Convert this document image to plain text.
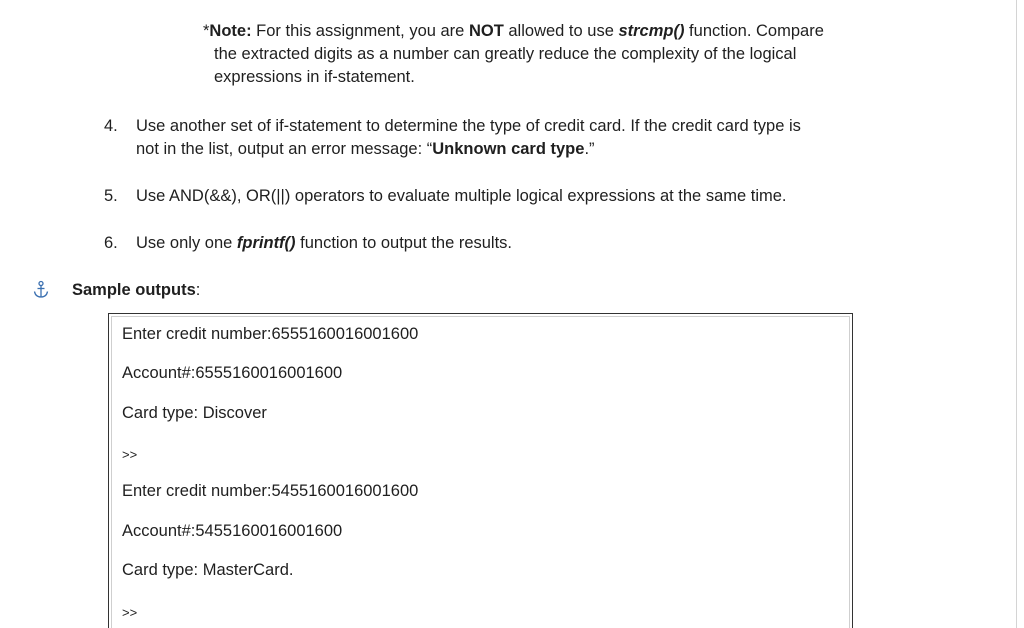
*Note: For this assignment, you are NOT allowed to use strcmp() function. Compare
the extracted digits as a number can greatly reduce the complexity of the logical
expressions in if-statement.
4.	Use another set of if-statement to determine the type of credit card. If the credit card type is
not in the list, output an error message: “Unknown card type.”
5.	Use AND(&&), OR(||) operators to evaluate multiple logical expressions at the same time.
6.	Use only one fprintf() function to output the results.
Sample outputs:
Enter credit number:6555160016001600
Account#:6555160016001600
Card type: Discover
>>
Enter credit number:5455160016001600
Account#:5455160016001600
Card type: MasterCard.
>>
